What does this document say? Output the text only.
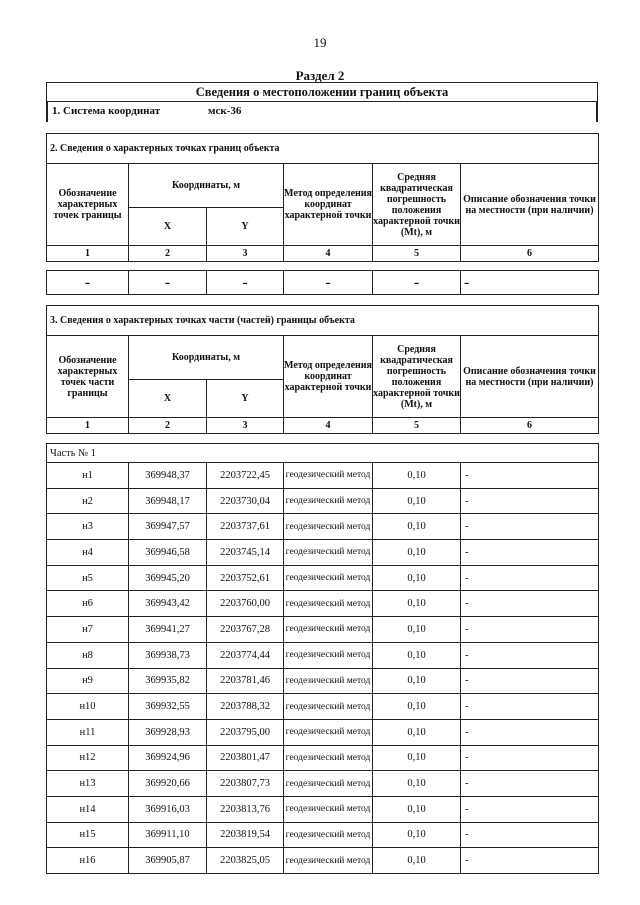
19
Раздел 2
Сведения о местоположении границ объекта
1. Система координат	мск-36
2. Сведения о характерных точках границ объекта					
Обозначение характерных точек границы	Координаты, м		Метод определения координат характерной точки	Средняя квадратическая погрешность положения характерной точки (Mt), м	Описание обозначения точки на местности (при наличии)
	X	Y			
1	2	3	4	5	6
-	-	-	-	-	-
3. Сведения о характерных точках части (частей) границы объекта					
Обозначение характерных точек части границы	Координаты, м		Метод определения координат характерной точки	Средняя квадратическая погрешность положения характерной точки (Mt), м	Описание обозначения точки на местности (при наличии)
	X	Y			
1	2	3	4	5	6
Часть № 1					
н1	369948,37	2203722,45	геодезический метод	0,10	-
н2	369948,17	2203730,04	геодезический метод	0,10	-
н3	369947,57	2203737,61	геодезический метод	0,10	-
н4	369946,58	2203745,14	геодезический метод	0,10	-
н5	369945,20	2203752,61	геодезический метод	0,10	-
н6	369943,42	2203760,00	геодезический метод	0,10	-
н7	369941,27	2203767,28	геодезический метод	0,10	-
н8	369938,73	2203774,44	геодезический метод	0,10	-
н9	369935,82	2203781,46	геодезический метод	0,10	-
н10	369932,55	2203788,32	геодезический метод	0,10	-
н11	369928,93	2203795,00	геодезический метод	0,10	-
н12	369924,96	2203801,47	геодезический метод	0,10	-
н13	369920,66	2203807,73	геодезический метод	0,10	-
н14	369916,03	2203813,76	геодезический метод	0,10	-
н15	369911,10	2203819,54	геодезический метод	0,10	-
н16	369905,87	2203825,05	геодезический метод	0,10	-
